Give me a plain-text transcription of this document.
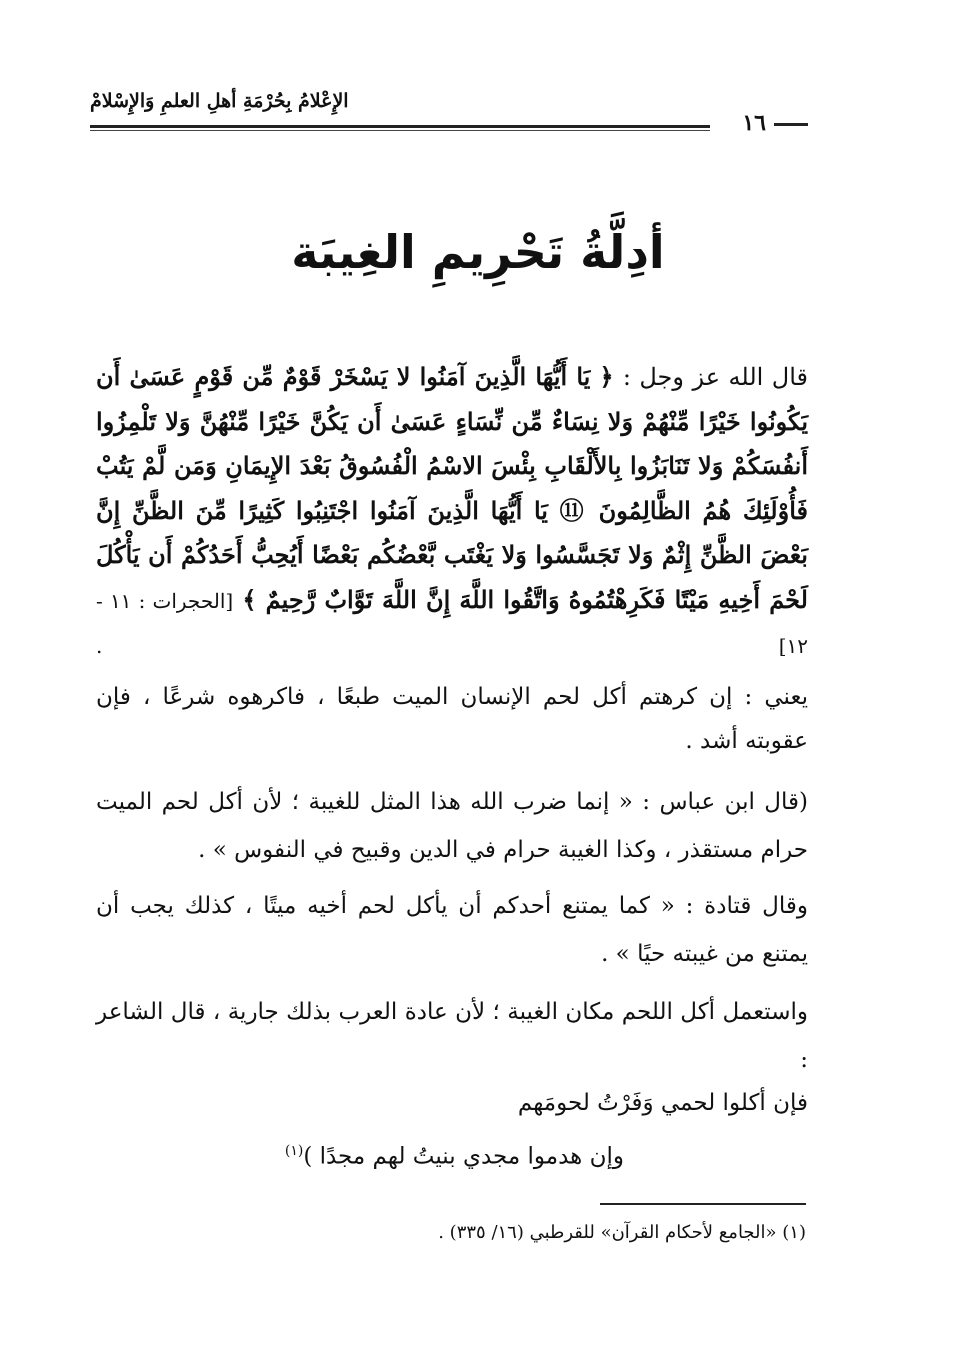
الإِعْلامُ بِحُرْمَةِ أهلِ العلمِ وَالإِسْلامْ
١٦
أدِلَّةُ تَحْرِيمِ الغِيبَة
قال الله عز وجل : ﴿ يَا أَيُّهَا الَّذِينَ آمَنُوا لا يَسْخَرْ قَوْمٌ مِّن قَوْمٍ عَسَىٰ أَن يَكُونُوا خَيْرًا مِّنْهُمْ وَلا نِسَاءٌ مِّن نِّسَاءٍ عَسَىٰ أَن يَكُنَّ خَيْرًا مِّنْهُنَّ وَلا تَلْمِزُوا أَنفُسَكُمْ وَلا تَنَابَزُوا بِالأَلْقَابِ بِئْسَ الاسْمُ الْفُسُوقُ بَعْدَ الإِيمَانِ وَمَن لَّمْ يَتُبْ فَأُوْلَئِكَ هُمُ الظَّالِمُونَ ⑪ يَا أَيُّهَا الَّذِينَ آمَنُوا اجْتَنِبُوا كَثِيرًا مِّنَ الظَّنِّ إِنَّ بَعْضَ الظَّنِّ إِثْمٌ وَلا تَجَسَّسُوا وَلا يَغْتَب بَّعْضُكُم بَعْضًا أَيُحِبُّ أَحَدُكُمْ أَن يَأْكُلَ لَحْمَ أَخِيهِ مَيْتًا فَكَرِهْتُمُوهُ وَاتَّقُوا اللَّهَ إِنَّ اللَّهَ تَوَّابٌ رَّحِيمٌ ﴾ [الحجرات : ١١ - ١٢] .
يعني : إن كرهتم أكل لحم الإنسان الميت طبعًا ، فاكرهوه شرعًا ، فإن عقوبته أشد .
(قال ابن عباس : « إنما ضرب الله هذا المثل للغيبة ؛ لأن أكل لحم الميت حرام مستقذر ، وكذا الغيبة حرام في الدين وقبيح في النفوس » .
وقال قتادة : « كما يمتنع أحدكم أن يأكل لحم أخيه ميتًا ، كذلك يجب أن يمتنع من غيبته حيًا » .
واستعمل أكل اللحم مكان الغيبة ؛ لأن عادة العرب بذلك جارية ، قال الشاعر :
فإن أكلوا لحمي وَفَرْتُ لحومَهم
وإن هدموا مجدي بنيتُ لهم مجدًا )$^{(١)}$
(١) «الجامع لأحكام القرآن» للقرطبي (١٦/ ٣٣٥) .
